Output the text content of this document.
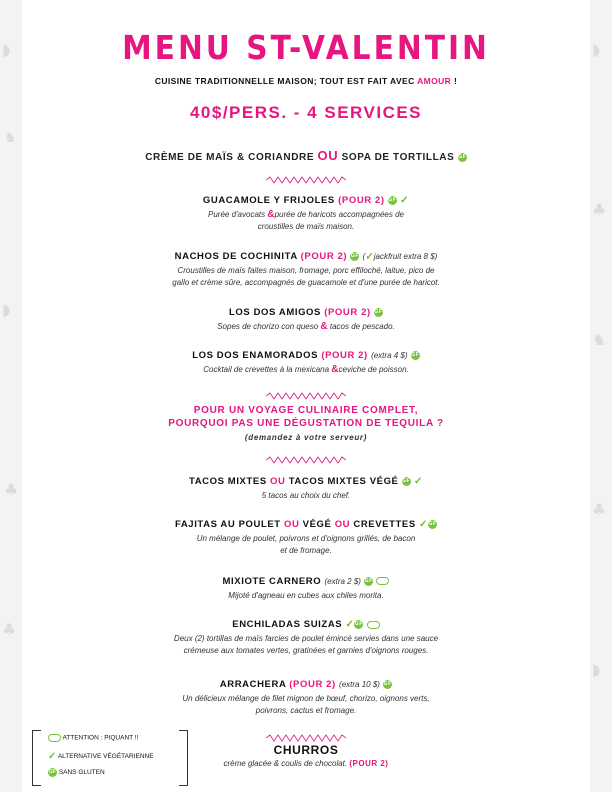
◗
♞
◗
♣
♣
◗
♣
♞
♣
◗
MENU ST-VALENTIN
CUISINE TRADITIONNELLE MAISON; TOUT EST FAIT AVEC AMOUR !
40$/PERS. - 4 SERVICES
CRÈME DE MAÏS & CORIANDRE OU SOPA DE TORTILLAS GF
GUACAMOLE Y FRIJOLES (POUR 2) GF ✓
Purée d'avocats &purée de haricots accompagnées de
croustilles de maïs maison.
NACHOS DE COCHINITA (POUR 2) GF (✓jackfruit extra 8 $)
Croustilles de maïs faites maison, fromage, porc effiloché, laitue, pico de
gallo et crème sûre, accompagnés de guacamole et d'une purée de haricot.
LOS DOS AMIGOS (POUR 2) GF
Sopes de chorizo con queso & tacos de pescado.
LOS DOS ENAMORADOS (POUR 2) (extra 4 $) GF
Cocktail de crevettes à la mexicana &ceviche de poisson.
POUR UN VOYAGE CULINAIRE COMPLET,
POURQUOI PAS UNE DÉGUSTATION DE TEQUILA ?
(demandez à votre serveur)
TACOS MIXTES OU TACOS MIXTES VÉGÉ GF ✓
5 tacos au choix du chef.
FAJITAS AU POULET OU VÉGÉ OU CREVETTES ✓GF
Un mélange de poulet, poivrons et d'oignons grillés, de bacon
et de fromage.
MIXIOTE CARNERO (extra 2 $) GF
Mijoté d'agneau en cubes aux chiles morita.
ENCHILADAS SUIZAS ✓GF
Deux (2) tortillas de maïs farcies de poulet émincé servies dans une sauce
crémeuse aux tomates vertes, gratinées et garnies d'oignons rouges.
ARRACHERA (POUR 2) (extra 10 $) GF
Un délicieux mélange de filet mignon de bœuf, chorizo, oignons verts,
poivrons, cactus et fromage.
CHURROS
crème glacée & coulis de chocolat. (POUR 2)
ATTENTION : PIQUANT !!
✓ ALTERNATIVE VÉGÉTARIENNE
GF SANS GLUTEN
